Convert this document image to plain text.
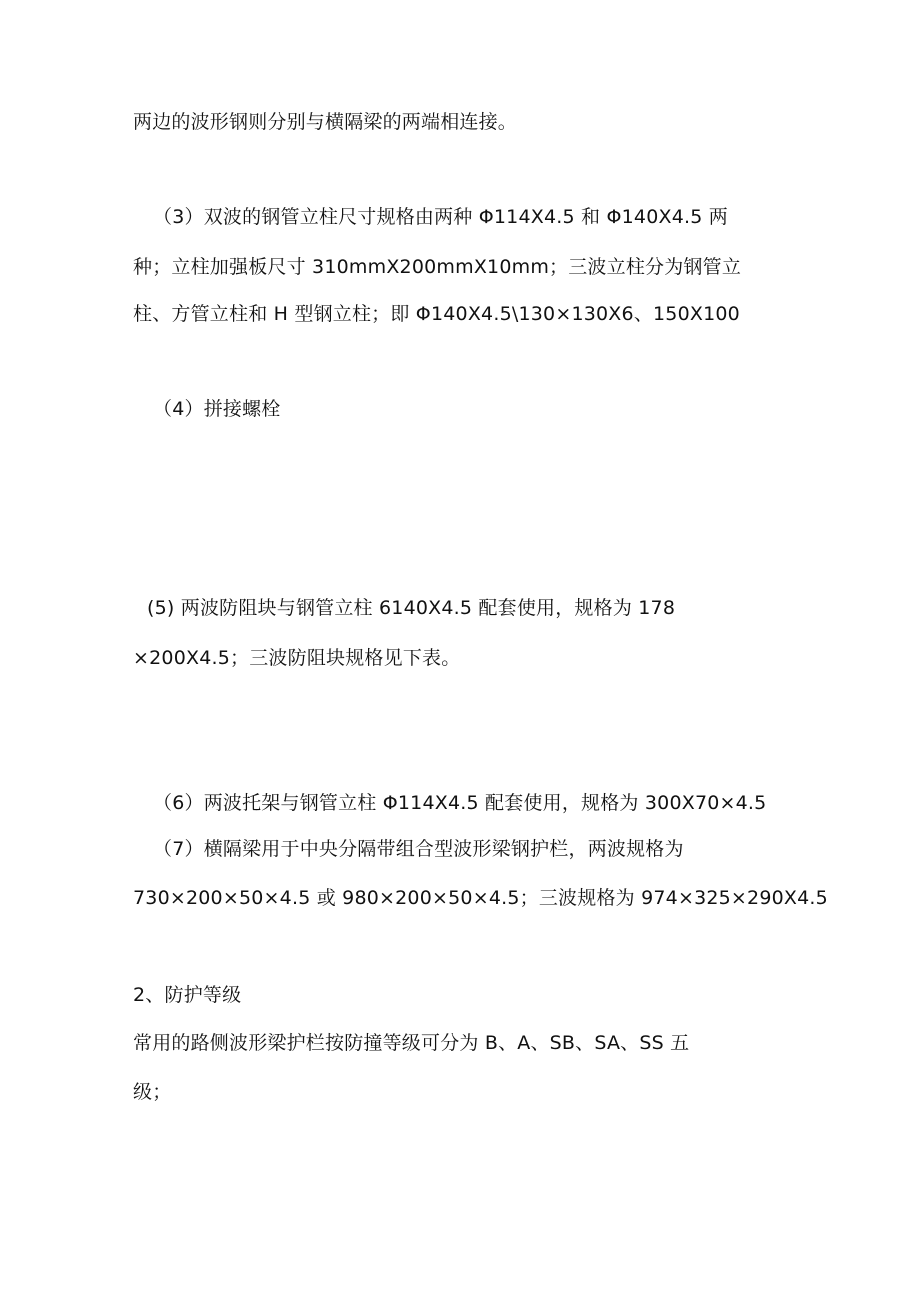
两边的波形钢则分别与横隔梁的两端相连接。
（3）双波的钢管立柱尺寸规格由两种 Φ114X4.5 和 Φ140X4.5 两
种；立柱加强板尺寸 310mmX200mmX10mm；三波立柱分为钢管立
柱、方管立柱和 H 型钢立柱；即 Φ140X4.5\130×130X6、150X100
（4）拼接螺栓
(5) 两波防阻块与钢管立柱 6140X4.5 配套使用，规格为 178
×200X4.5；三波防阻块规格见下表。
（6）两波托架与钢管立柱 Φ114X4.5 配套使用，规格为 300X70×4.5
（7）横隔梁用于中央分隔带组合型波形梁钢护栏，两波规格为
730×200×50×4.5 或 980×200×50×4.5；三波规格为 974×325×290X4.5
2、防护等级
常用的路侧波形梁护栏按防撞等级可分为 B、A、SB、SA、SS 五
级；
